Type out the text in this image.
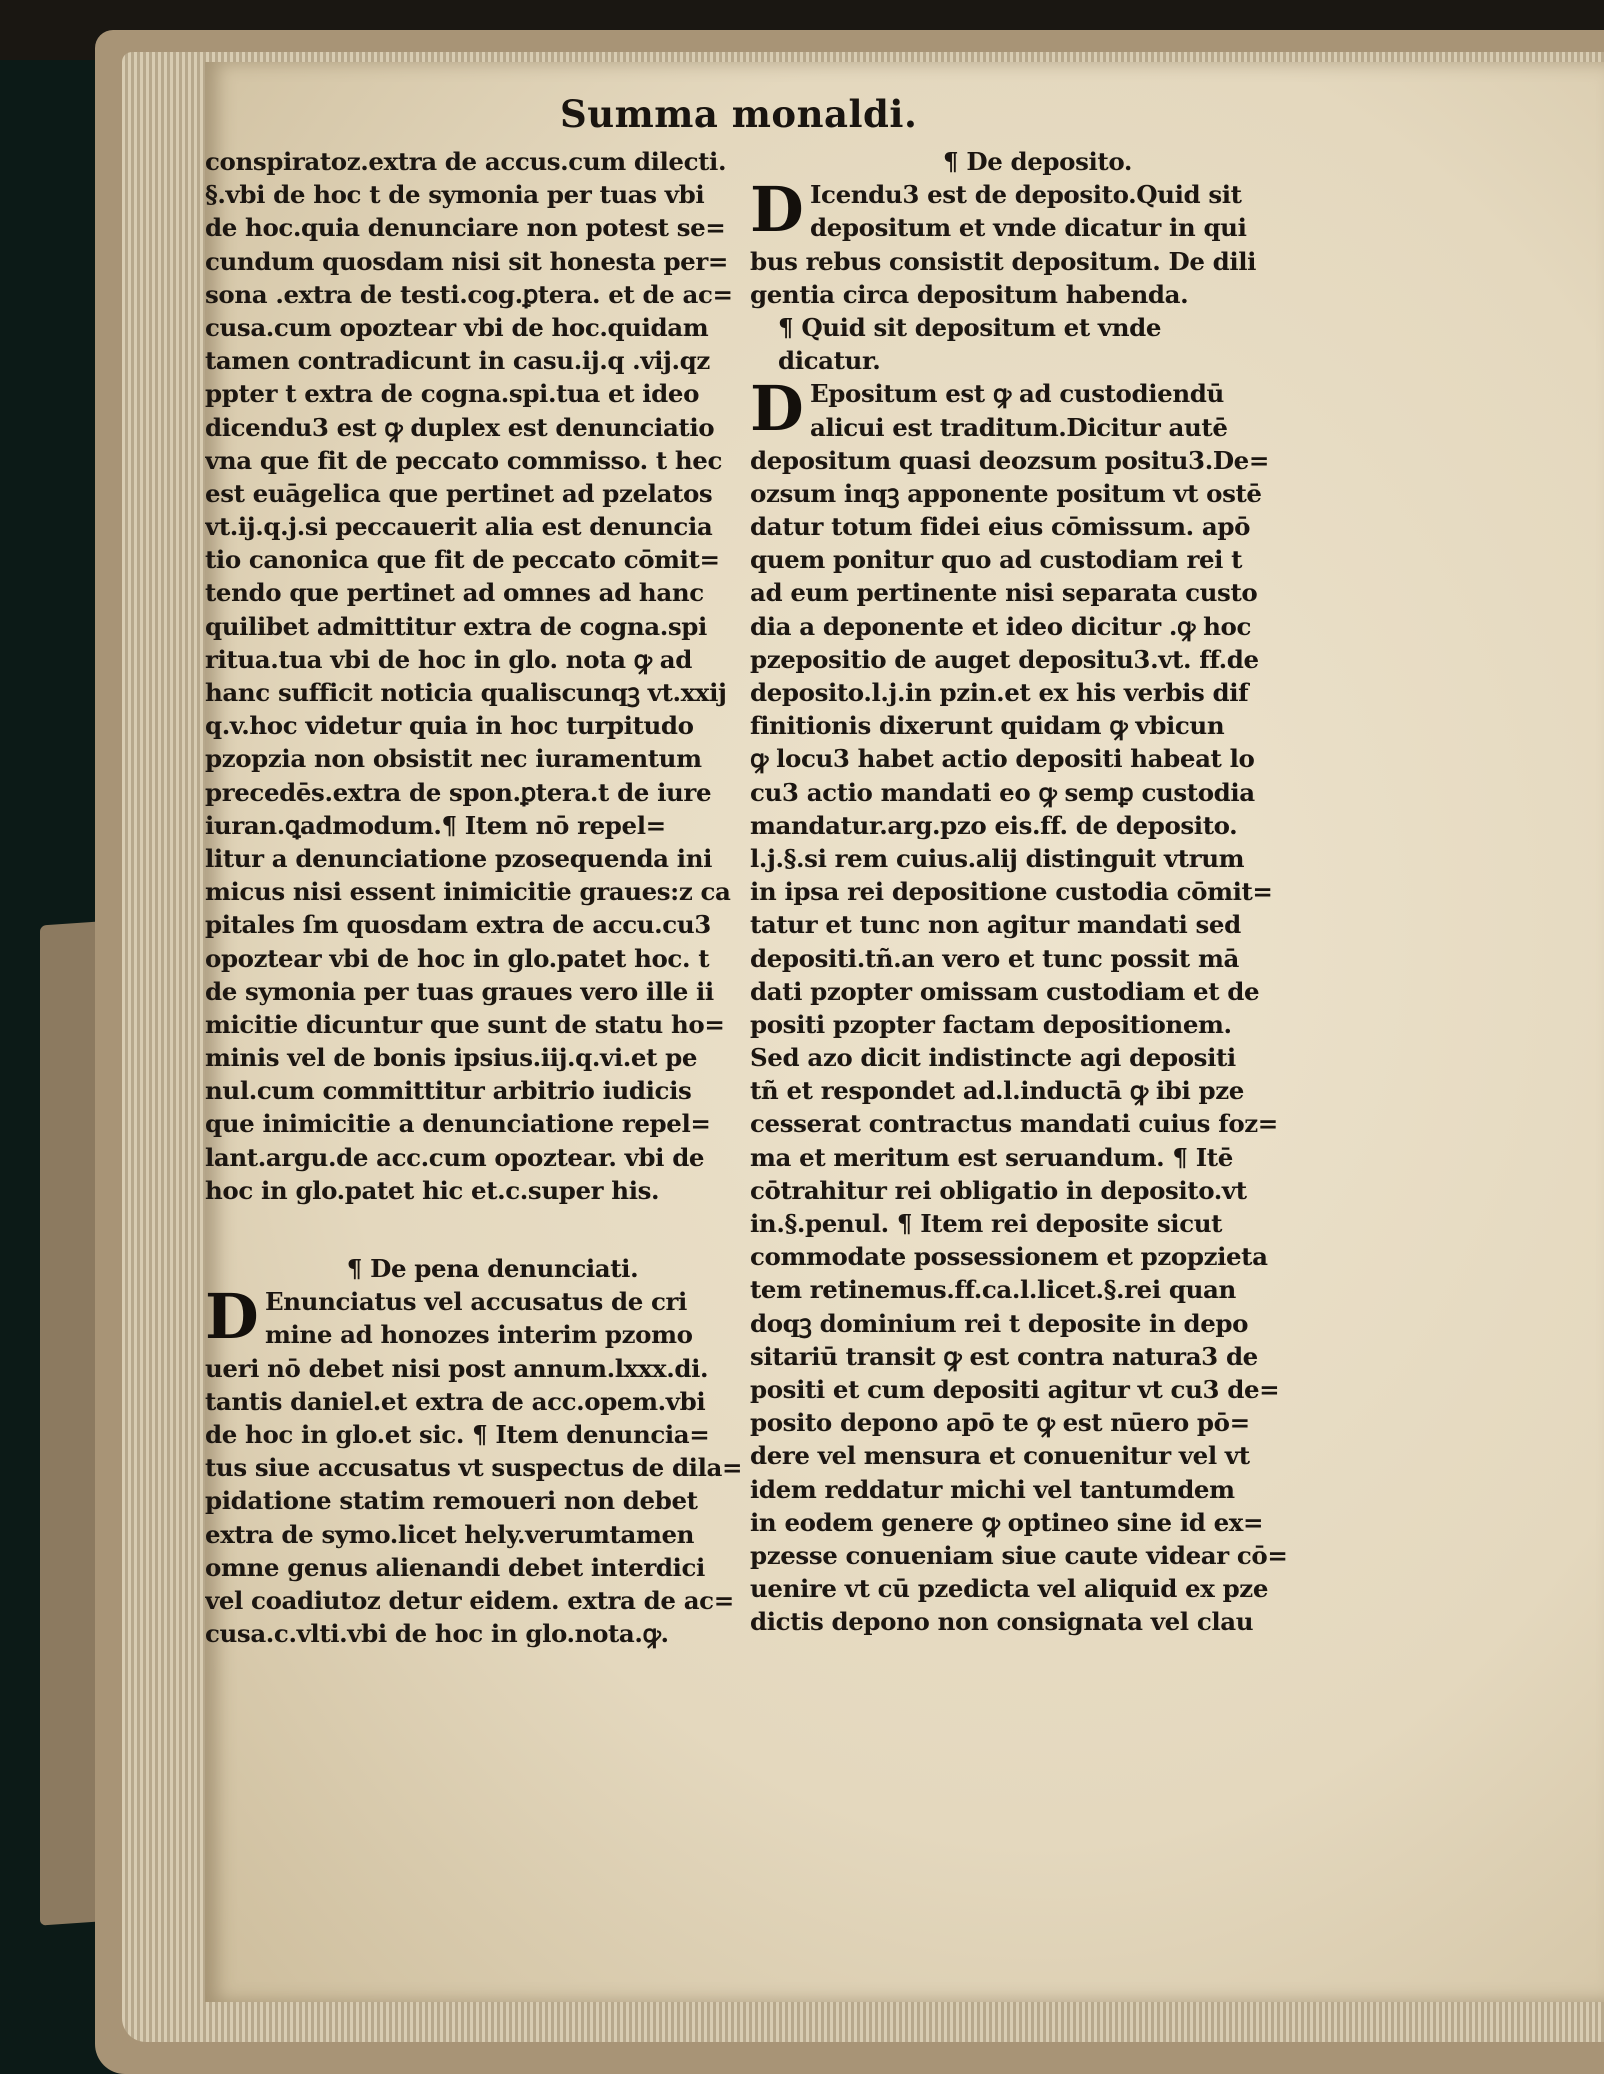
Summa monaldi.
conspiratoz.extra de accus.cum dilecti.
§.vbi de hoc t de symonia per tuas vbi
de hoc.quia denunciare non potest se=
cundum quosdam nisi sit honesta per=
sona .extra de testi.cog.ꝑtera. et de ac=
cusa.cum opoztear vbi de hoc.quidam
tamen contradicunt in casu.ij.q .vij.qz
ppter t extra de cogna.spi.tua et ideo
dicendu3 est ꝙ duplex est denunciatio
vna que fit de peccato commisso. t hec
est euāgelica que pertinet ad pzelatos
vt.ij.q.j.si peccauerit alia est denuncia
tio canonica que fit de peccato cōmit=
tendo que pertinet ad omnes ad hanc
quilibet admittitur extra de cogna.spi
ritua.tua vbi de hoc in glo. nota ꝙ ad
hanc sufficit noticia qualiscunqꝫ vt.xxij
q.v.hoc videtur quia in hoc turpitudo
pzopzia non obsistit nec iuramentum
precedēs.extra de spon.ꝑtera.t de iure
iuran.ꝗadmodum.¶ Item nō repel=
litur a denunciatione pzosequenda ini
micus nisi essent inimicitie graues:z ca
pitales ſm quosdam extra de accu.cu3
opoztear vbi de hoc in glo.patet hoc. t
de symonia per tuas graues vero ille ii
micitie dicuntur que sunt de statu ho=
minis vel de bonis ipsius.iij.q.vi.et pe
nul.cum committitur arbitrio iudicis
que inimicitie a denunciatione repel=
lant.argu.de acc.cum opoztear. vbi de
hoc in glo.patet hic et.c.super his.
¶ De pena denunciati.
D Enunciatus vel accusatus de cri
mine ad honozes interim pzomo
ueri nō debet nisi post annum.lxxx.di.
tantis daniel.et extra de acc.opem.vbi
de hoc in glo.et sic. ¶ Item denuncia=
tus siue accusatus vt suspectus de dila=
pidatione statim remoueri non debet
extra de symo.licet hely.verumtamen
omne genus alienandi debet interdici
vel coadiutoz detur eidem. extra de ac=
cusa.c.vlti.vbi de hoc in glo.nota.ꝙ.
¶ De deposito.
D Icendu3 est de deposito.Quid sit
depositum et vnde dicatur in qui
bus rebus consistit depositum. De dili
gentia circa depositum habenda.
¶ Quid sit depositum et vnde
dicatur.
D Epositum est ꝙ ad custodiendū
alicui est traditum.Dicitur autē
depositum quasi deozsum positu3.De=
ozsum inqꝫ apponente positum vt ostē
datur totum fidei eius cōmissum. apō
quem ponitur quo ad custodiam rei t
ad eum pertinente nisi separata custo
dia a deponente et ideo dicitur .ꝙ hoc
pzepositio de auget depositu3.vt. ff.de
deposito.l.j.in pzin.et ex his verbis dif
finitionis dixerunt quidam ꝙ vbicun
ꝙ locu3 habet actio depositi habeat lo
cu3 actio mandati eo ꝙ semꝑ custodia
mandatur.arg.pzo eis.ff. de deposito.
l.j.§.si rem cuius.alij distinguit vtrum
in ipsa rei depositione custodia cōmit=
tatur et tunc non agitur mandati sed
depositi.tñ.an vero et tunc possit mā
dati pzopter omissam custodiam et de
positi pzopter factam depositionem.
Sed azo dicit indistincte agi depositi
tñ et respondet ad.l.inductā ꝙ ibi pze
cesserat contractus mandati cuius foz=
ma et meritum est seruandum. ¶ Itē
cōtrahitur rei obligatio in deposito.vt
in.§.penul. ¶ Item rei deposite sicut
commodate possessionem et pzopzieta
tem retinemus.ff.ca.l.licet.§.rei quan
doqꝫ dominium rei t deposite in depo
sitariū transit ꝙ est contra natura3 de
positi et cum depositi agitur vt cu3 de=
posito depono apō te ꝙ est nūero pō=
dere vel mensura et conuenitur vel vt
idem reddatur michi vel tantumdem
in eodem genere ꝙ optineo sine id ex=
pzesse conueniam siue caute videar cō=
uenire vt cū pzedicta vel aliquid ex pze
dictis depono non consignata vel clau
